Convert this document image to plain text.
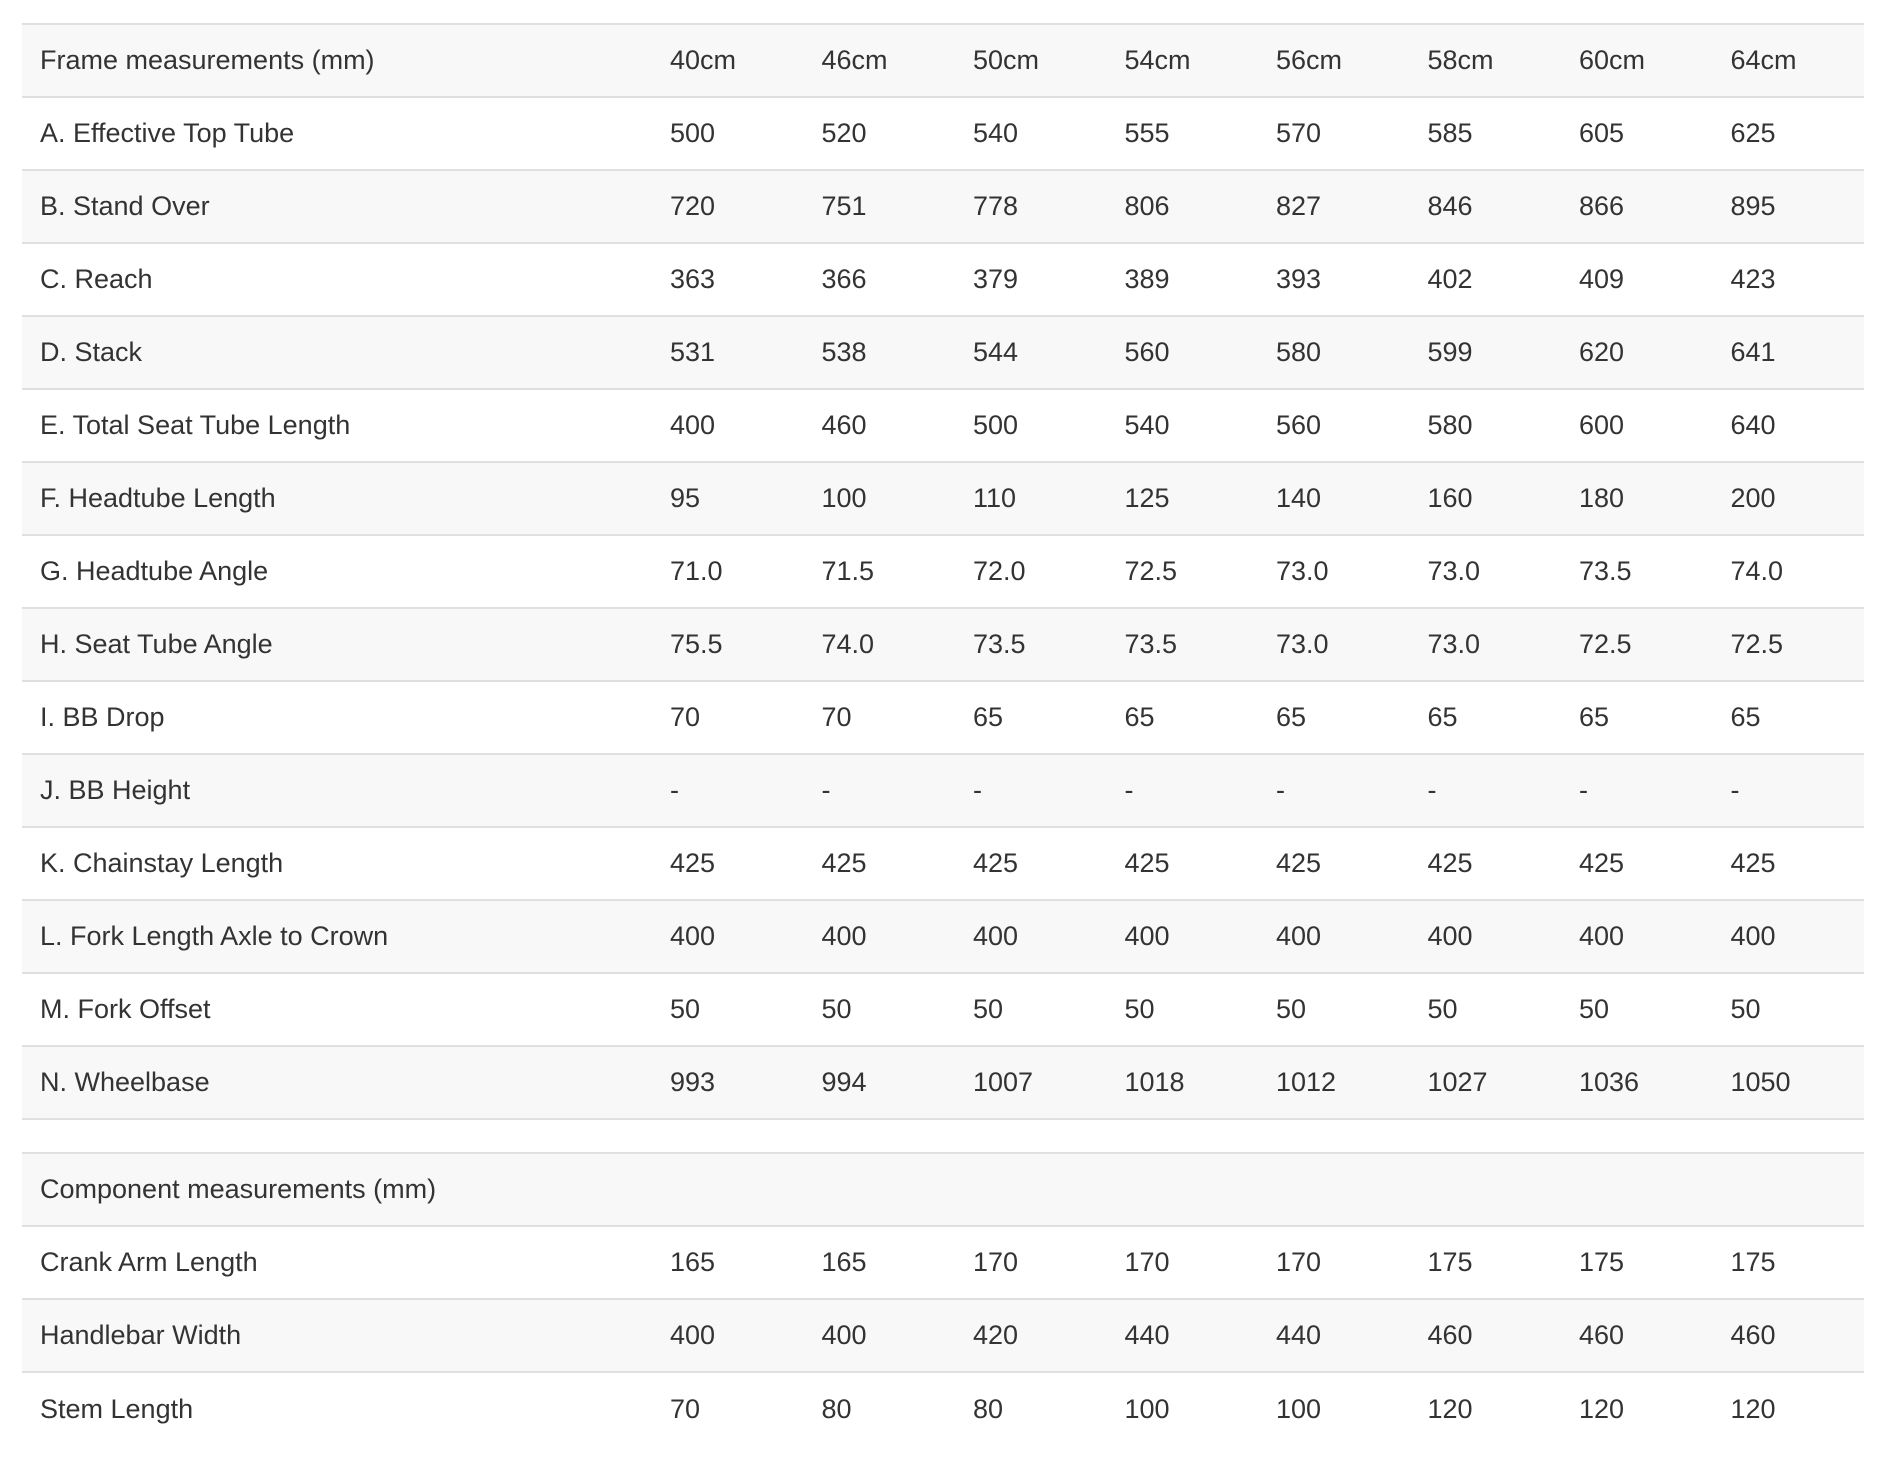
Frame measurements (mm)	40cm	46cm	50cm	54cm	56cm	58cm	60cm	64cm
A. Effective Top Tube	500	520	540	555	570	585	605	625
B. Stand Over	720	751	778	806	827	846	866	895
C. Reach	363	366	379	389	393	402	409	423
D. Stack	531	538	544	560	580	599	620	641
E. Total Seat Tube Length	400	460	500	540	560	580	600	640
F. Headtube Length	95	100	110	125	140	160	180	200
G. Headtube Angle	71.0	71.5	72.0	72.5	73.0	73.0	73.5	74.0
H. Seat Tube Angle	75.5	74.0	73.5	73.5	73.0	73.0	72.5	72.5
I. BB Drop	70	70	65	65	65	65	65	65
J. BB Height	-	-	-	-	-	-	-	-
K. Chainstay Length	425	425	425	425	425	425	425	425
L. Fork Length Axle to Crown	400	400	400	400	400	400	400	400
M. Fork Offset	50	50	50	50	50	50	50	50
N. Wheelbase	993	994	1007	1018	1012	1027	1036	1050
Component measurements (mm)								
Crank Arm Length	165	165	170	170	170	175	175	175
Handlebar Width	400	400	420	440	440	460	460	460
Stem Length	70	80	80	100	100	120	120	120
